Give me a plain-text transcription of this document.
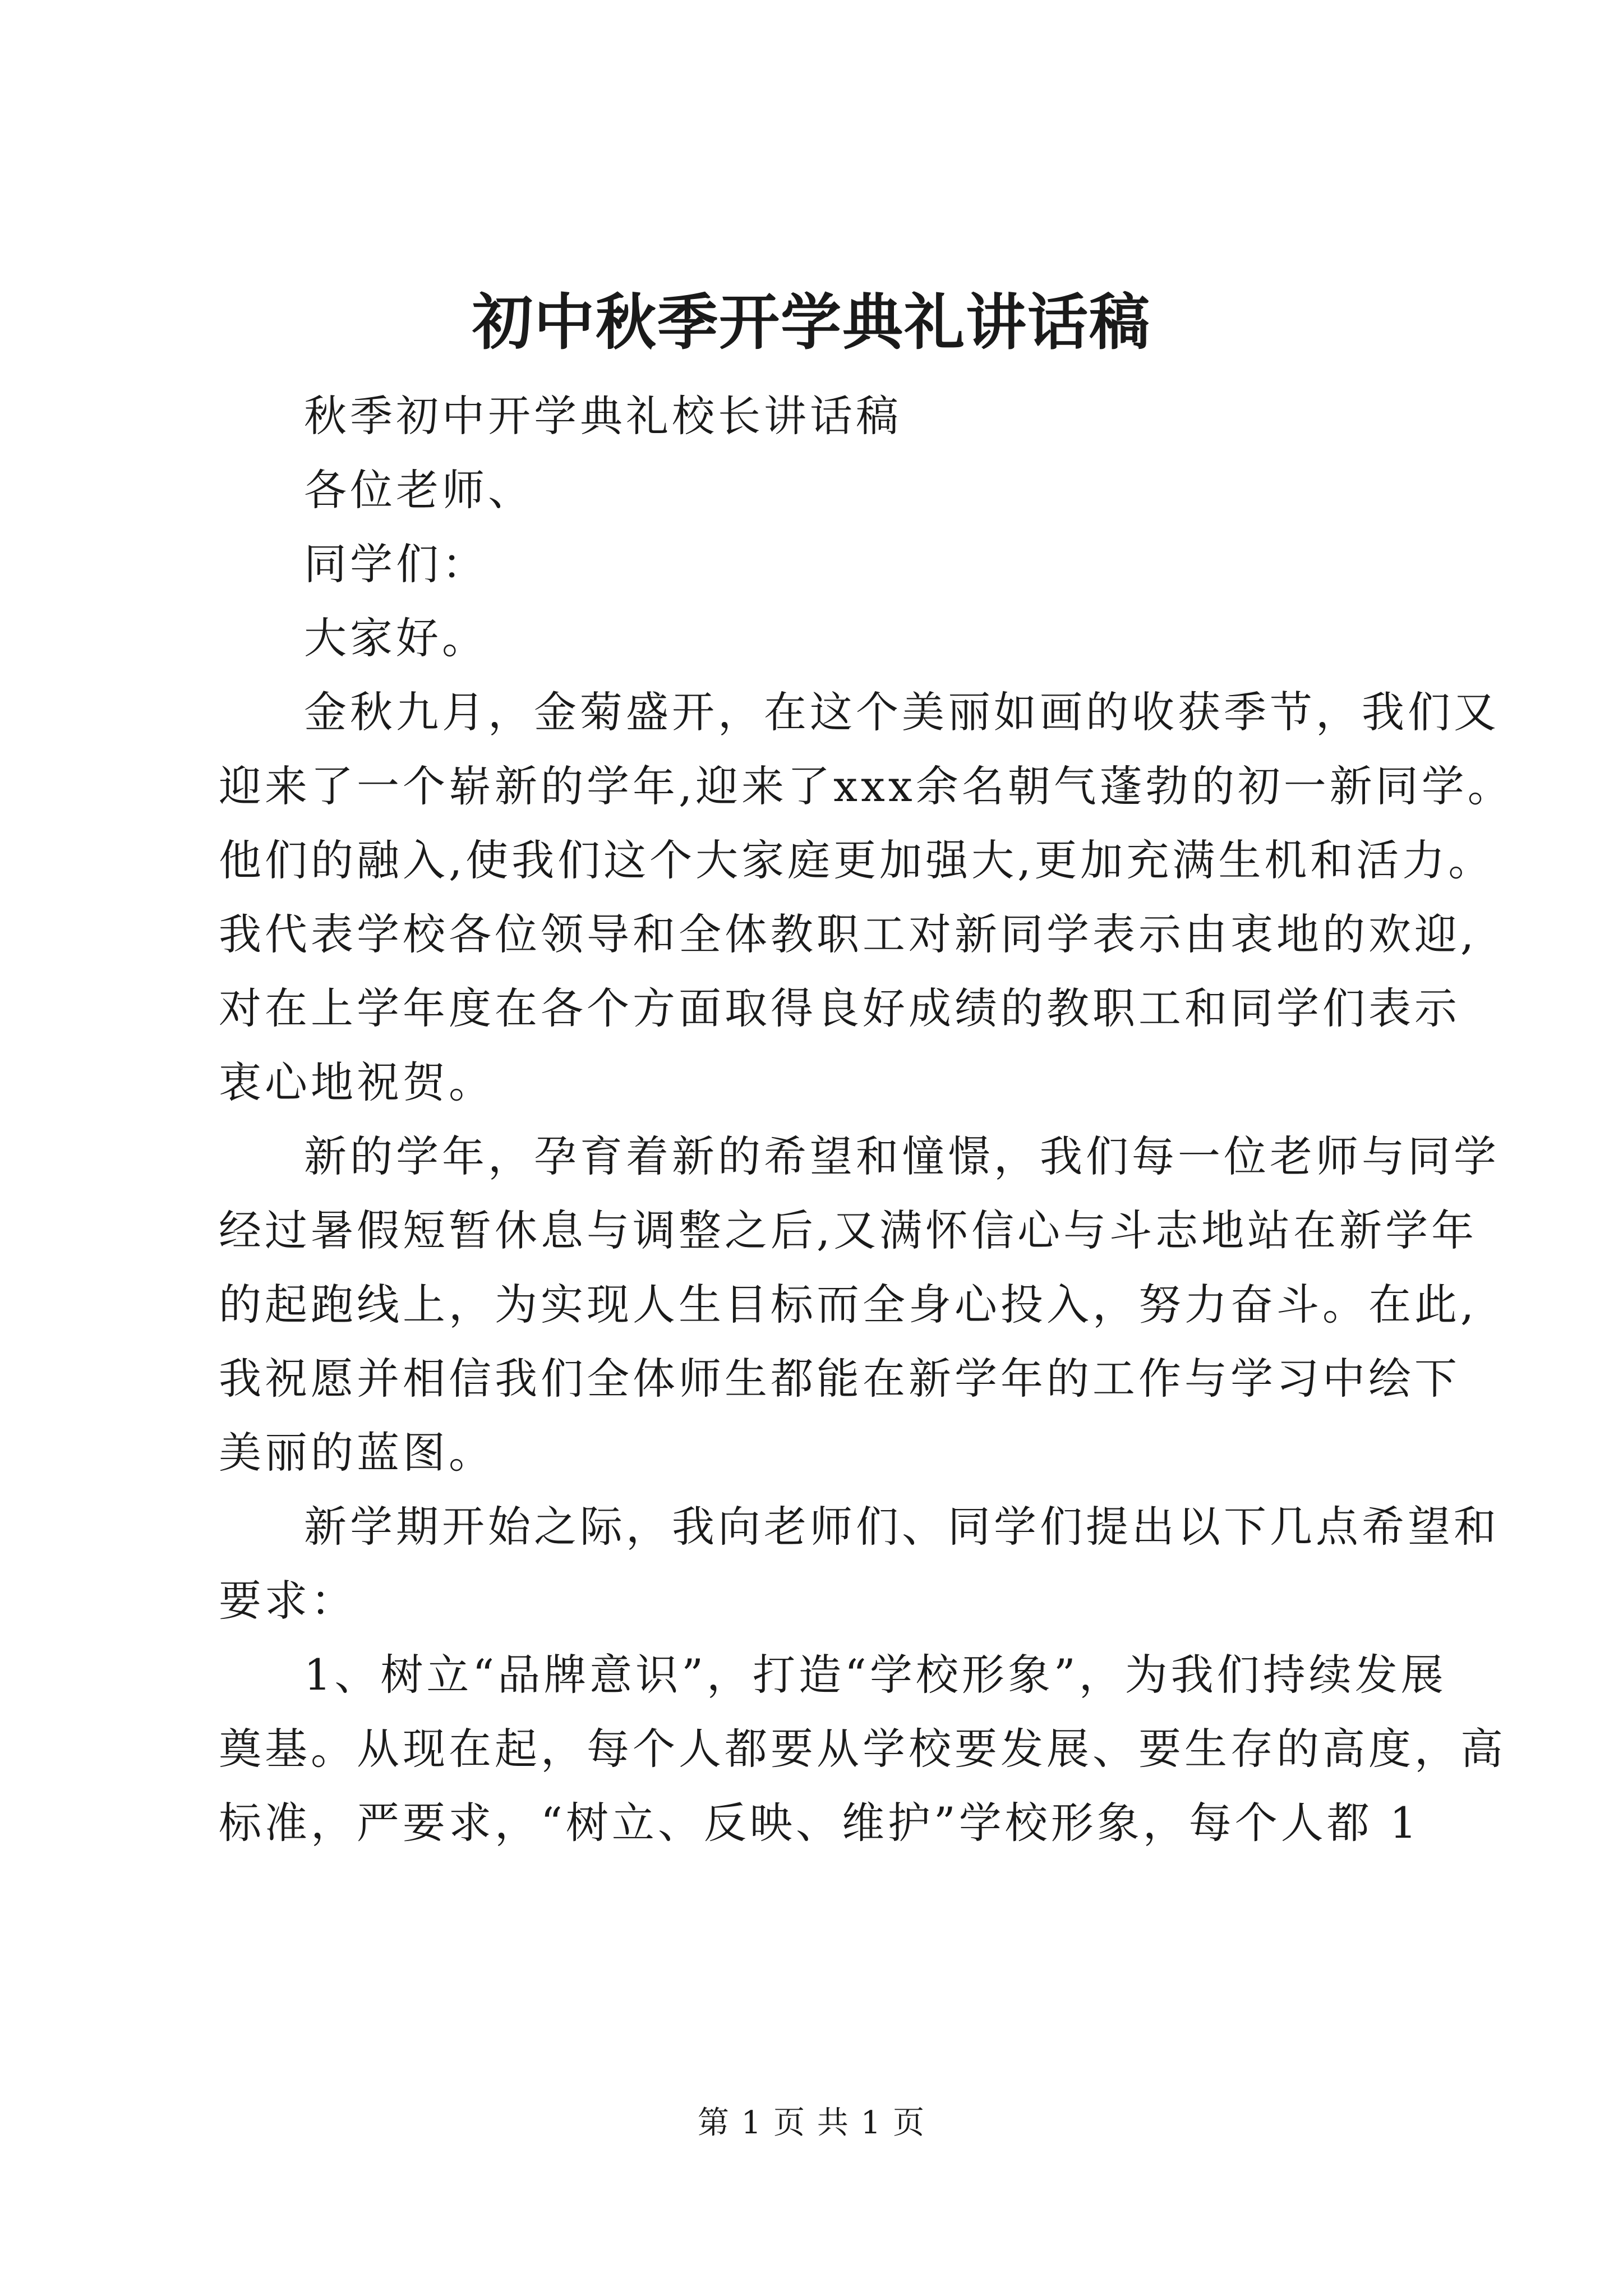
初中秋季开学典礼讲话稿
秋季初中开学典礼校长讲话稿
各位老师、
同学们：
大家好。
金秋九月，金菊盛开，在这个美丽如画的收获季节，我们又
迎来了一个崭新的学年,迎来了xxx余名朝气蓬勃的初一新同学。
他们的融入,使我们这个大家庭更加强大,更加充满生机和活力。
我代表学校各位领导和全体教职工对新同学表示由衷地的欢迎,
对在上学年度在各个方面取得良好成绩的教职工和同学们表示
衷心地祝贺。
新的学年，孕育着新的希望和憧憬，我们每一位老师与同学
经过暑假短暂休息与调整之后,又满怀信心与斗志地站在新学年
的起跑线上，为实现人生目标而全身心投入，努力奋斗。在此,
我祝愿并相信我们全体师生都能在新学年的工作与学习中绘下
美丽的蓝图。
新学期开始之际，我向老师们、同学们提出以下几点希望和
要求：
1、树立“品牌意识”，打造“学校形象”，为我们持续发展
奠基。从现在起，每个人都要从学校要发展、要生存的高度，高
标准，严要求，“树立、反映、维护”学校形象，每个人都 1
第 1 页 共 1 页
